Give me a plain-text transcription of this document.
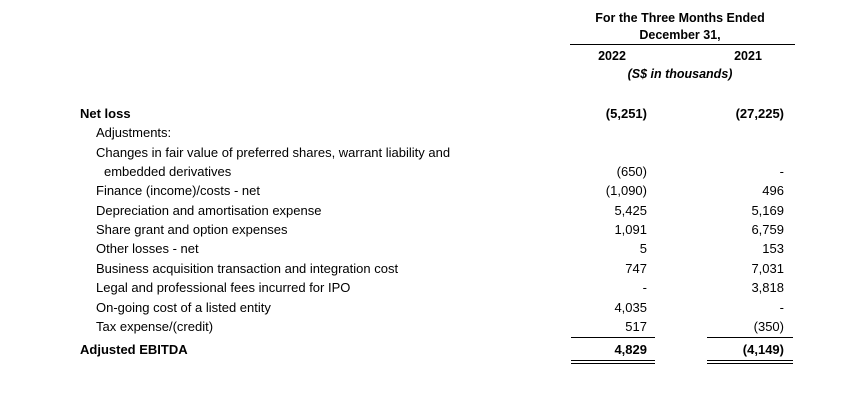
For the Three Months Ended
December 31,
2022	2021
(S$ in thousands)
Net loss	(5,251)	(27,225)
Adjustments:
Changes in fair value of preferred shares, warrant liability and
embedded derivatives	(650)	-
Finance (income)/costs - net	(1,090)	496
Depreciation and amortisation expense	5,425	5,169
Share grant and option expenses	1,091	6,759
Other losses - net	5	153
Business acquisition transaction and integration cost	747	7,031
Legal and professional fees incurred for IPO	-	3,818
On-going cost of a listed entity	4,035	-
Tax expense/(credit)	517	(350)
Adjusted EBITDA	4,829	(4,149)
